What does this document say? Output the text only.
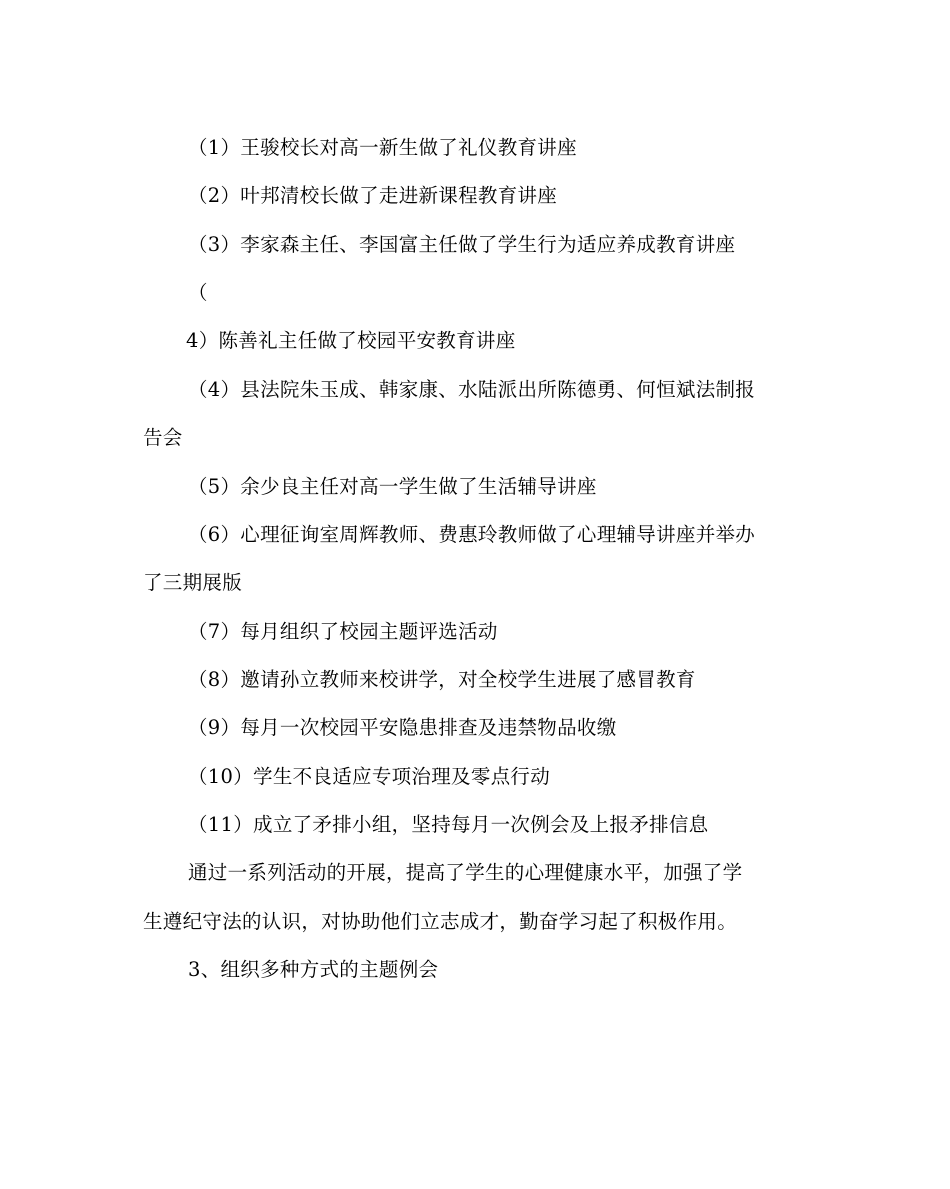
（1）王骏校长对高一新生做了礼仪教育讲座
（2）叶邦清校长做了走进新课程教育讲座
（3）李家森主任、李国富主任做了学生行为适应养成教育讲座
（
4）陈善礼主任做了校园平安教育讲座
（4）县法院朱玉成、韩家康、水陆派出所陈德勇、何恒斌法制报
告会
（5）余少良主任对高一学生做了生活辅导讲座
（6）心理征询室周辉教师、费惠玲教师做了心理辅导讲座并举办
了三期展版
（7）每月组织了校园主题评选活动
（8）邀请孙立教师来校讲学，对全校学生进展了感冒教育
（9）每月一次校园平安隐患排查及违禁物品收缴
（10）学生不良适应专项治理及零点行动
（11）成立了矛排小组，坚持每月一次例会及上报矛排信息
通过一系列活动的开展，提高了学生的心理健康水平，加强了学
生遵纪守法的认识，对协助他们立志成才，勤奋学习起了积极作用。
3、组织多种方式的主题例会
